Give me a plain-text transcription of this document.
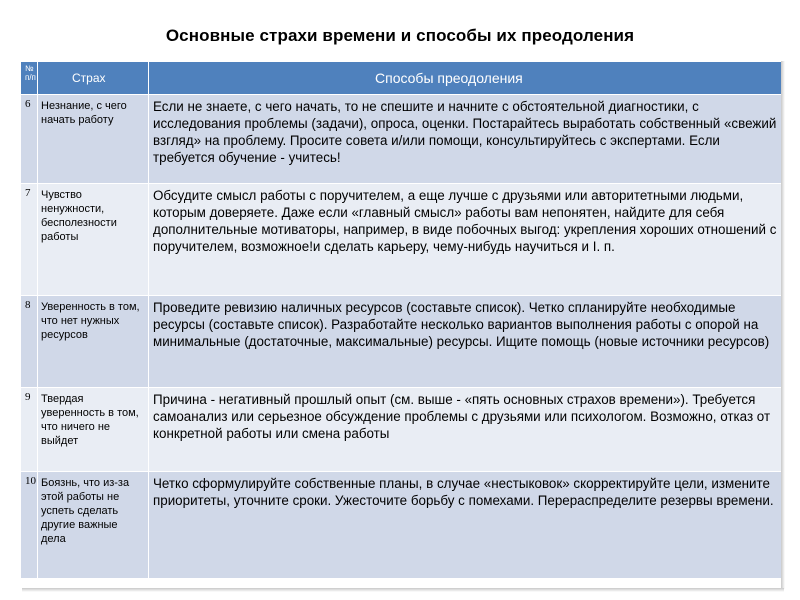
Основные страхи времени и способы их преодоления
№ п/п	Страх	Способы преодоления
6	Незнание, с чего начать работу	Если не знаете, с чего начать, то не спешите и начните с обстоятельной диагностики, с исследования проблемы (задачи), опроса, оценки. Постарайтесь выработать собственный «свежий взгляд» на проблему. Просите совета и/или помощи, консультируйтесь с экспертами. Если требуется обучение - учитесь!
7	Чувство ненужности, бесполезности работы	Обсудите смысл работы с поручителем, а еще лучше с друзьями или авторитетными людьми, которым доверяете. Даже если «главный смысл» работы вам непонятен, найдите для себя дополнительные мотиваторы, например, в виде побочных выгод: укрепления хороших отношений с поручителем, возможное!и сделать карьеру, чему-нибудь научиться и I. п.
8	Уверенность в том, что нет нужных ресурсов	Проведите ревизию наличных ресурсов (составьте список). Четко спланируйте необходимые ресурсы (составьте список). Разработайте несколько вариантов выполнения работы с опорой на минимальные (достаточные, максимальные) ресурсы. Ищите помощь (новые источники ресурсов)
9	Твердая уверенность в том, что ничего не выйдет	Причина - негативный прошлый опыт (см. выше - «пять основных страхов времени»). Требуется самоанализ или серьезное обсуждение проблемы с друзьями или психологом. Возможно, отказ от конкретной работы или смена работы
10	Боязнь, что из-за этой работы не успеть сделать другие важные дела	Четко сформулируйте собственные планы, в случае «нестыковок» скорректируйте цели, измените приоритеты, уточните сроки. Ужесточите борьбу с помехами. Перераспределите резервы времени.
